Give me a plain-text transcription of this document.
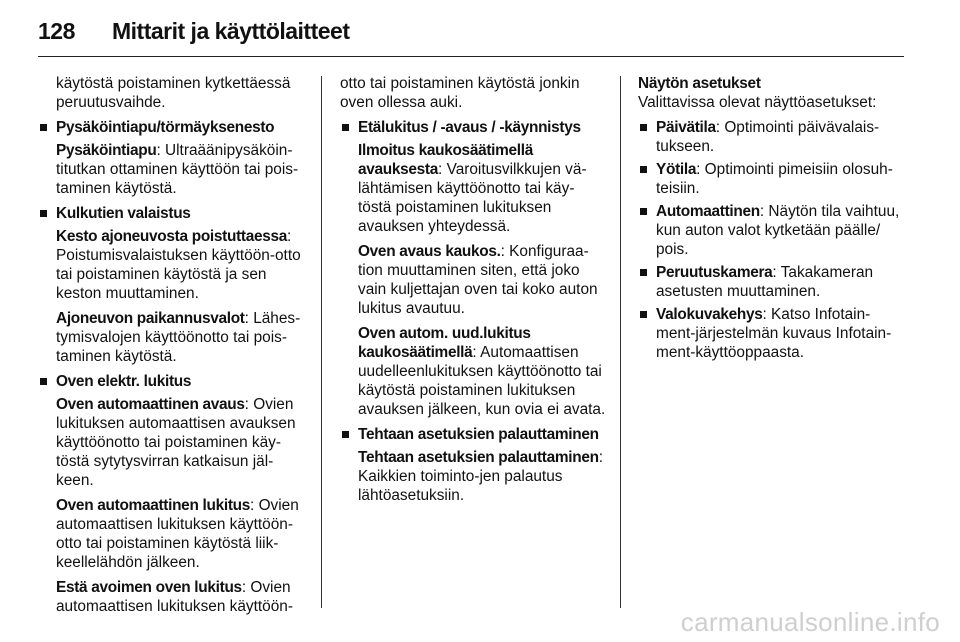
128 Mittarit ja käyttölaitteet

käytöstä poistaminen kytkettäessä peruutusvaihde.

Pysäköintiapu/törmäyksenesto

Pysäköintiapu: Ultraäänipysäköin-titutkan ottaminen käyttöön tai pois-taminen käytöstä.

Kulkutien valaistus

Kesto ajoneuvosta poistuttaessa: Poistumisvalaistuksen käyttöön-otto tai poistaminen käytöstä ja sen keston muuttaminen.

Ajoneuvon paikannusvalot: Lähes-tymisvalojen käyttöönotto tai pois-taminen käytöstä.

Oven elektr. lukitus

Oven automaattinen avaus: Ovien lukituksen automaattisen avauksen käyttöönotto tai poistaminen käy-töstä sytytysvirran katkaisun jäl-keen.

Oven automaattinen lukitus: Ovien automaattisen lukituksen käyttöön-otto tai poistaminen käytöstä liik-keellelähdön jälkeen.

Estä avoimen oven lukitus: Ovien automaattisen lukituksen käyttöön-

otto tai poistaminen käytöstä jonkin oven ollessa auki.

Etälukitus / -avaus / -käynnistys

Ilmoitus kaukosäätimellä avauksesta: Varoitusvilkkujen vä-lähtämisen käyttöönotto tai käy-töstä poistaminen lukituksen avauksen yhteydessä.

Oven avaus kaukos.: Konfiguraa-tion muuttaminen siten, että joko vain kuljettajan oven tai koko auton lukitus avautuu.

Oven autom. uud.lukitus kaukosäätimellä: Automaattisen uudelleenlukituksen käyttöönotto tai käytöstä poistaminen lukituksen avauksen jälkeen, kun ovia ei avata.

Tehtaan asetuksien palauttaminen

Tehtaan asetuksien palauttaminen: Kaikkien toiminto-jen palautus lähtöasetuksiin.

Näytön asetukset

Valittavissa olevat näyttöasetukset:

Päivätila: Optimointi päivävalais-tukseen.
Yötila: Optimointi pimeisiin olosuh-teisiin.
Automaattinen: Näytön tila vaihtuu, kun auton valot kytketään päälle/ pois.
Peruutuskamera: Takakameran asetusten muuttaminen.
Valokuvakehys: Katso Infotain-ment-järjestelmän kuvaus Infotain-ment-käyttöoppaasta.
carmanualsonline.info
